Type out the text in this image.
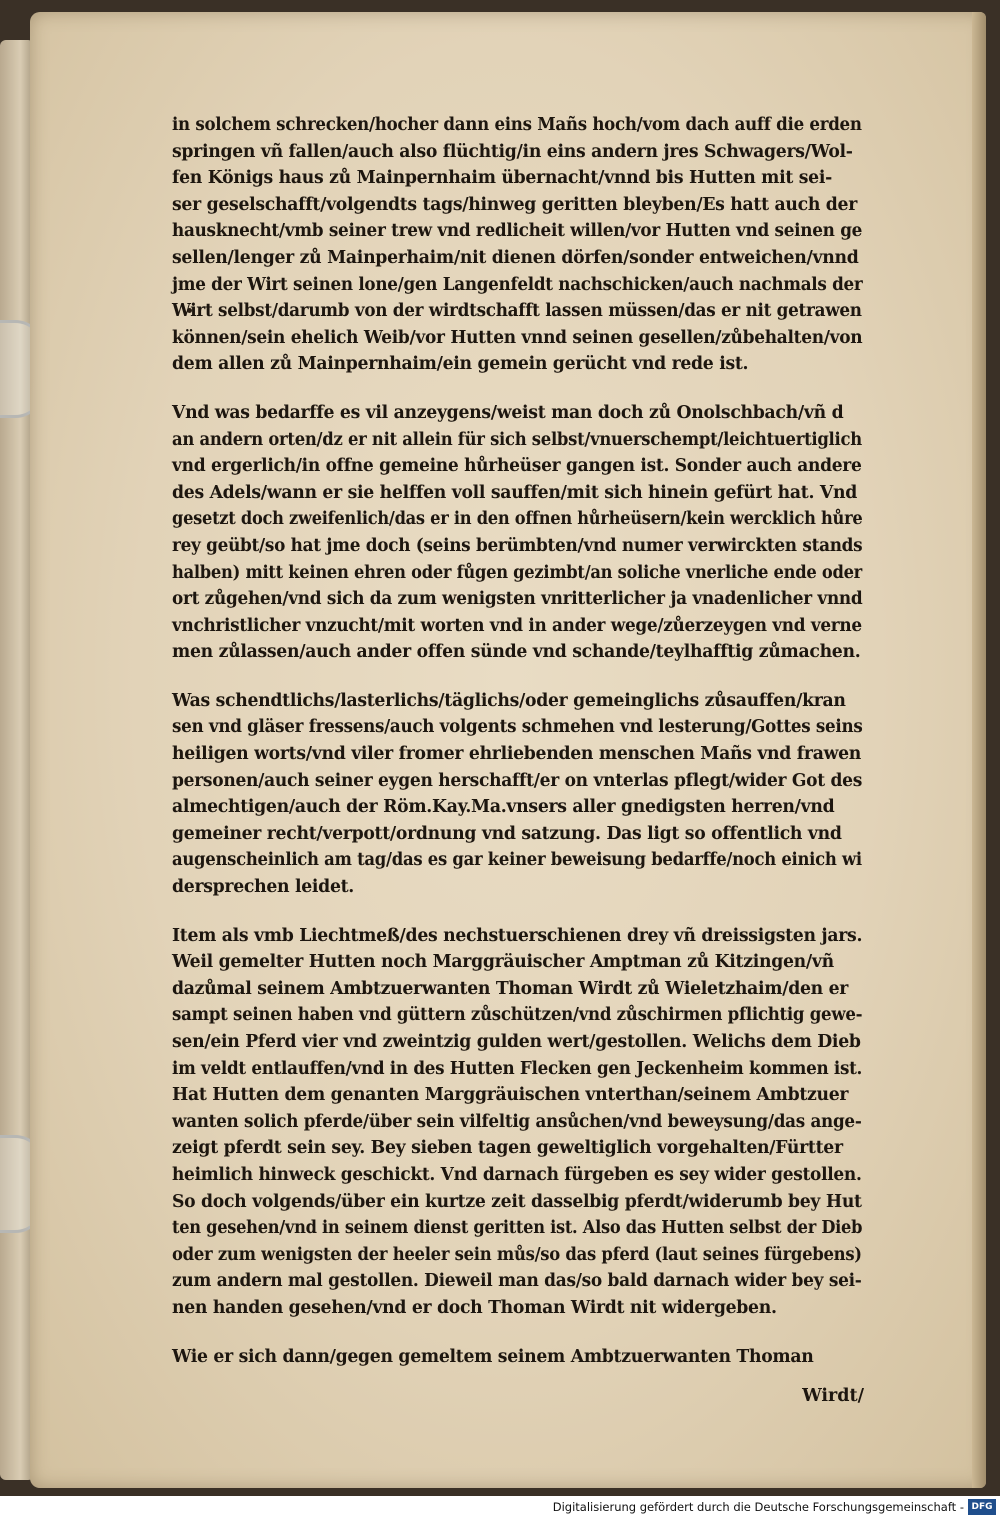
in solchem schrecken/hocher dann eins Mañs hoch/vom dach auff die erden
springen vñ fallen/auch also flüchtig/in eins andern jres Schwagers/Wol-
fen Königs haus zů Mainpernhaim übernacht/vnnd bis Hutten mit sei-
ser geselschafft/volgendts tags/hinweg geritten bleyben/Es hatt auch der
hausknecht/vmb seiner trew vnd redlicheit willen/vor Hutten vnd seinen ge
sellen/lenger zů Mainperhaim/nit dienen dörfen/sonder entweichen/vnnd
jme der Wirt seinen lone/gen Langenfeldt nachschicken/auch nachmals der
Wirt selbst/darumb von der wirdtschafft lassen müssen/das er nit getrawen
können/sein ehelich Weib/vor Hutten vnnd seinen gesellen/zůbehalten/von
dem allen zů Mainpernhaim/ein gemein gerücht vnd rede ist.
Vnd was bedarffe es vil anzeygens/weist man doch zů Onolschbach/vñ d
an andern orten/dz er nit allein für sich selbst/vnuerschempt/leichtuertiglich
vnd ergerlich/in offne gemeine hůrheüser gangen ist. Sonder auch andere
des Adels/wann er sie helffen voll sauffen/mit sich hinein gefürt hat. Vnd
gesetzt doch zweifenlich/das er in den offnen hůrheüsern/kein wercklich hůre
rey geübt/so hat jme doch (seins berümbten/vnd numer verwirckten stands
halben) mitt keinen ehren oder fůgen gezimbt/an soliche vnerliche ende oder
ort zůgehen/vnd sich da zum wenigsten vnritterlicher ja vnadenlicher vnnd
vnchristlicher vnzucht/mit worten vnd in ander wege/zůerzeygen vnd verne
men zůlassen/auch ander offen sünde vnd schande/teylhafftig zůmachen.
Was schendtlichs/lasterlichs/täglichs/oder gemeinglichs zůsauffen/kran
sen vnd gläser fressens/auch volgents schmehen vnd lesterung/Gottes seins
heiligen worts/vnd viler fromer ehrliebenden menschen Mañs vnd frawen
personen/auch seiner eygen herschafft/er on vnterlas pflegt/wider Got des
almechtigen/auch der Röm.Kay.Ma.vnsers aller gnedigsten herren/vnd
gemeiner recht/verpott/ordnung vnd satzung. Das ligt so offentlich vnd
augenscheinlich am tag/das es gar keiner beweisung bedarffe/noch einich wi
dersprechen leidet.
Item als vmb Liechtmeß/des nechstuerschienen drey vñ dreissigsten jars.
Weil gemelter Hutten noch Marggräuischer Amptman zů Kitzingen/vñ
dazůmal seinem Ambtzuerwanten Thoman Wirdt zů Wieletzhaim/den er
sampt seinen haben vnd güttern zůschützen/vnd zůschirmen pflichtig gewe-
sen/ein Pferd vier vnd zweintzig gulden wert/gestollen. Welichs dem Dieb
im veldt entlauffen/vnd in des Hutten Flecken gen Jeckenheim kommen ist.
Hat Hutten dem genanten Marggräuischen vnterthan/seinem Ambtzuer
wanten solich pferde/über sein vilfeltig ansůchen/vnd beweysung/das ange-
zeigt pferdt sein sey. Bey sieben tagen geweltiglich vorgehalten/Fürtter
heimlich hinweck geschickt. Vnd darnach fürgeben es sey wider gestollen.
So doch volgends/über ein kurtze zeit dasselbig pferdt/widerumb bey Hut
ten gesehen/vnd in seinem dienst geritten ist. Also das Hutten selbst der Dieb
oder zum wenigsten der heeler sein můs/so das pferd (laut seines fürgebens)
zum andern mal gestollen. Dieweil man das/so bald darnach wider bey sei-
nen handen gesehen/vnd er doch Thoman Wirdt nit widergeben.
Wie er sich dann/gegen gemeltem seinem Ambtzuerwanten Thoman
Wirdt/
Digitalisierung gefördert durch die Deutsche Forschungsgemeinschaft - DFG
